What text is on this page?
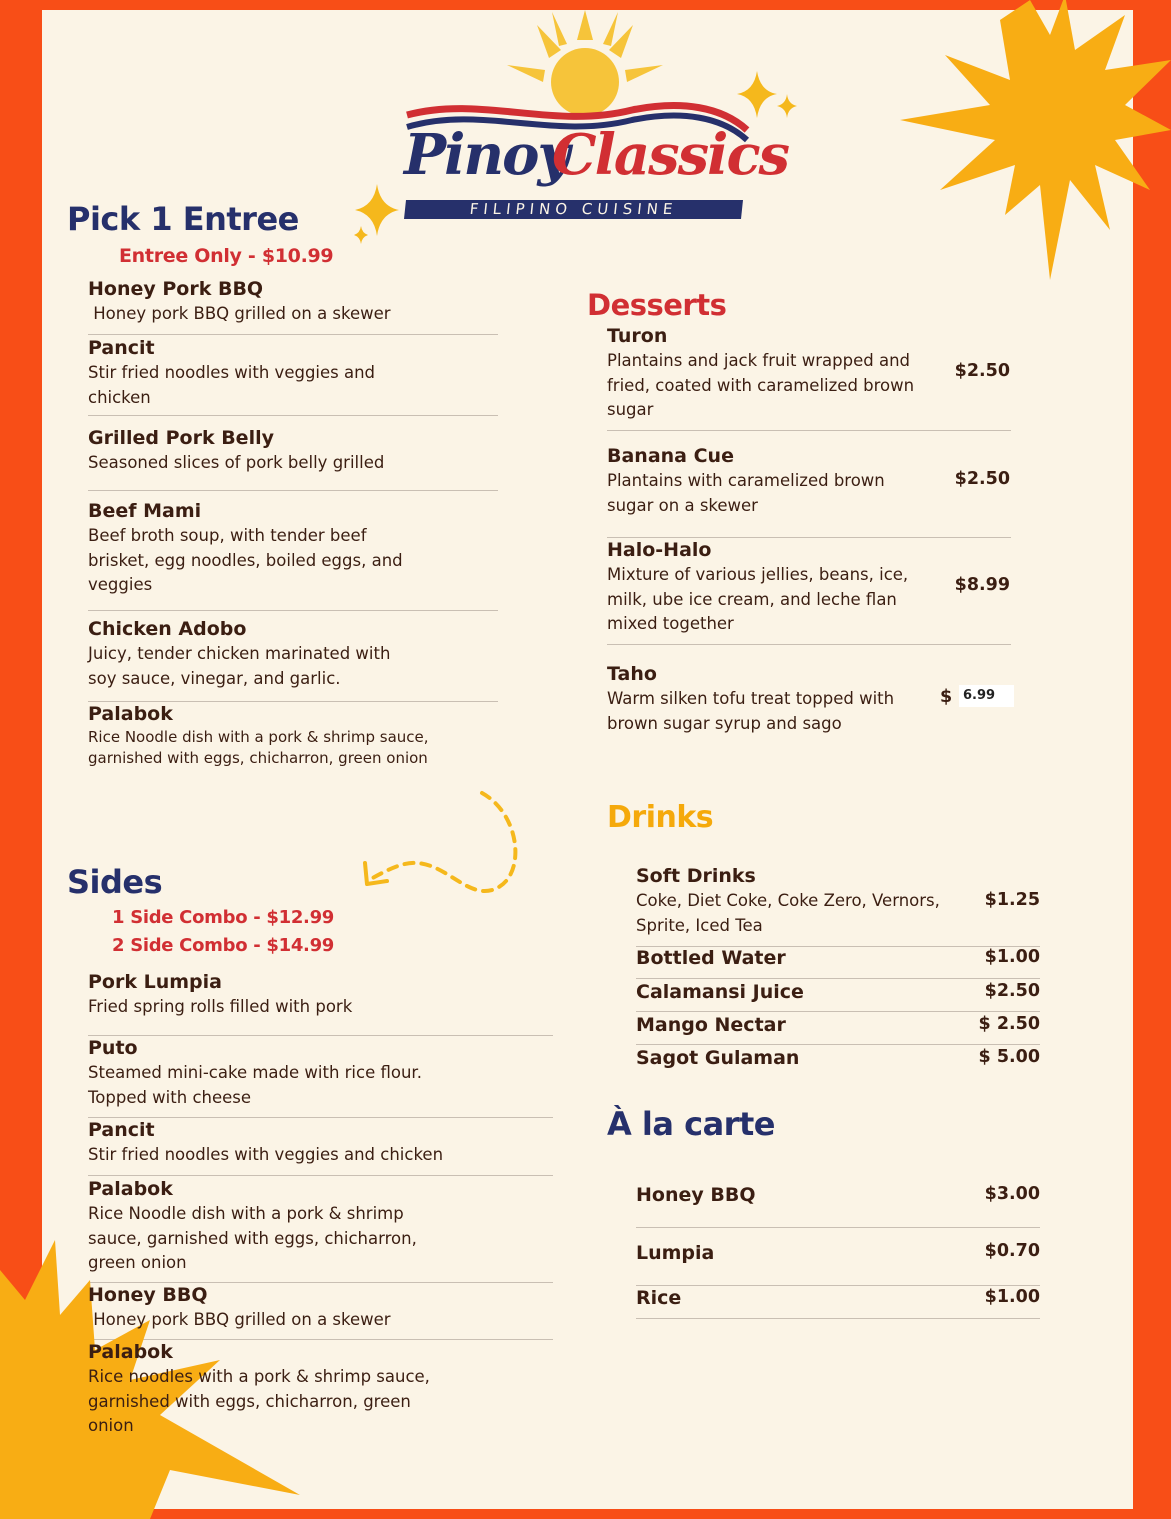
Pinoy
Classics
FILIPINO CUISINE
Pick 1 Entree
Entree Only - $10.99
Honey Pork BBQ
Honey pork BBQ grilled on a skewer
Pancit
Stir fried noodles with veggies and chicken
Grilled Pork Belly
Seasoned slices of pork belly grilled
Beef Mami
Beef broth soup, with tender beef brisket, egg noodles, boiled eggs, and veggies
Chicken Adobo
Juicy, tender chicken marinated with soy sauce, vinegar, and garlic.
Palabok
Rice Noodle dish with a pork & shrimp sauce, garnished with eggs, chicharron, green onion
Sides
1 Side Combo - $12.99
2 Side Combo - $14.99
Pork Lumpia
Fried spring rolls filled with pork
Puto
Steamed mini-cake made with rice flour. Topped with cheese
Pancit
Stir fried noodles with veggies and chicken
Palabok
Rice Noodle dish with a pork & shrimp sauce, garnished with eggs, chicharron, green onion
Honey BBQ
Honey pork BBQ grilled on a skewer
Palabok
Rice noodles with a pork & shrimp sauce, garnished with eggs, chicharron, green onion
Desserts
Turon
Plantains and jack fruit wrapped and fried, coated with caramelized brown sugar
$2.50
Banana Cue
Plantains with caramelized brown sugar on a skewer
$2.50
Halo-Halo
Mixture of various jellies, beans, ice, milk, ube ice cream, and leche flan mixed together
$8.99
Taho
Warm silken tofu treat topped with brown sugar syrup and sago
$ 6.99
Drinks
Soft Drinks
Coke, Diet Coke, Coke Zero, Vernors, Sprite, Iced Tea
$1.25
Bottled Water	$1.00
Calamansi Juice	$2.50
Mango Nectar	$ 2.50
Sagot Gulaman	$ 5.00
À la carte
Honey BBQ	$3.00
Lumpia	$0.70
Rice	$1.00
